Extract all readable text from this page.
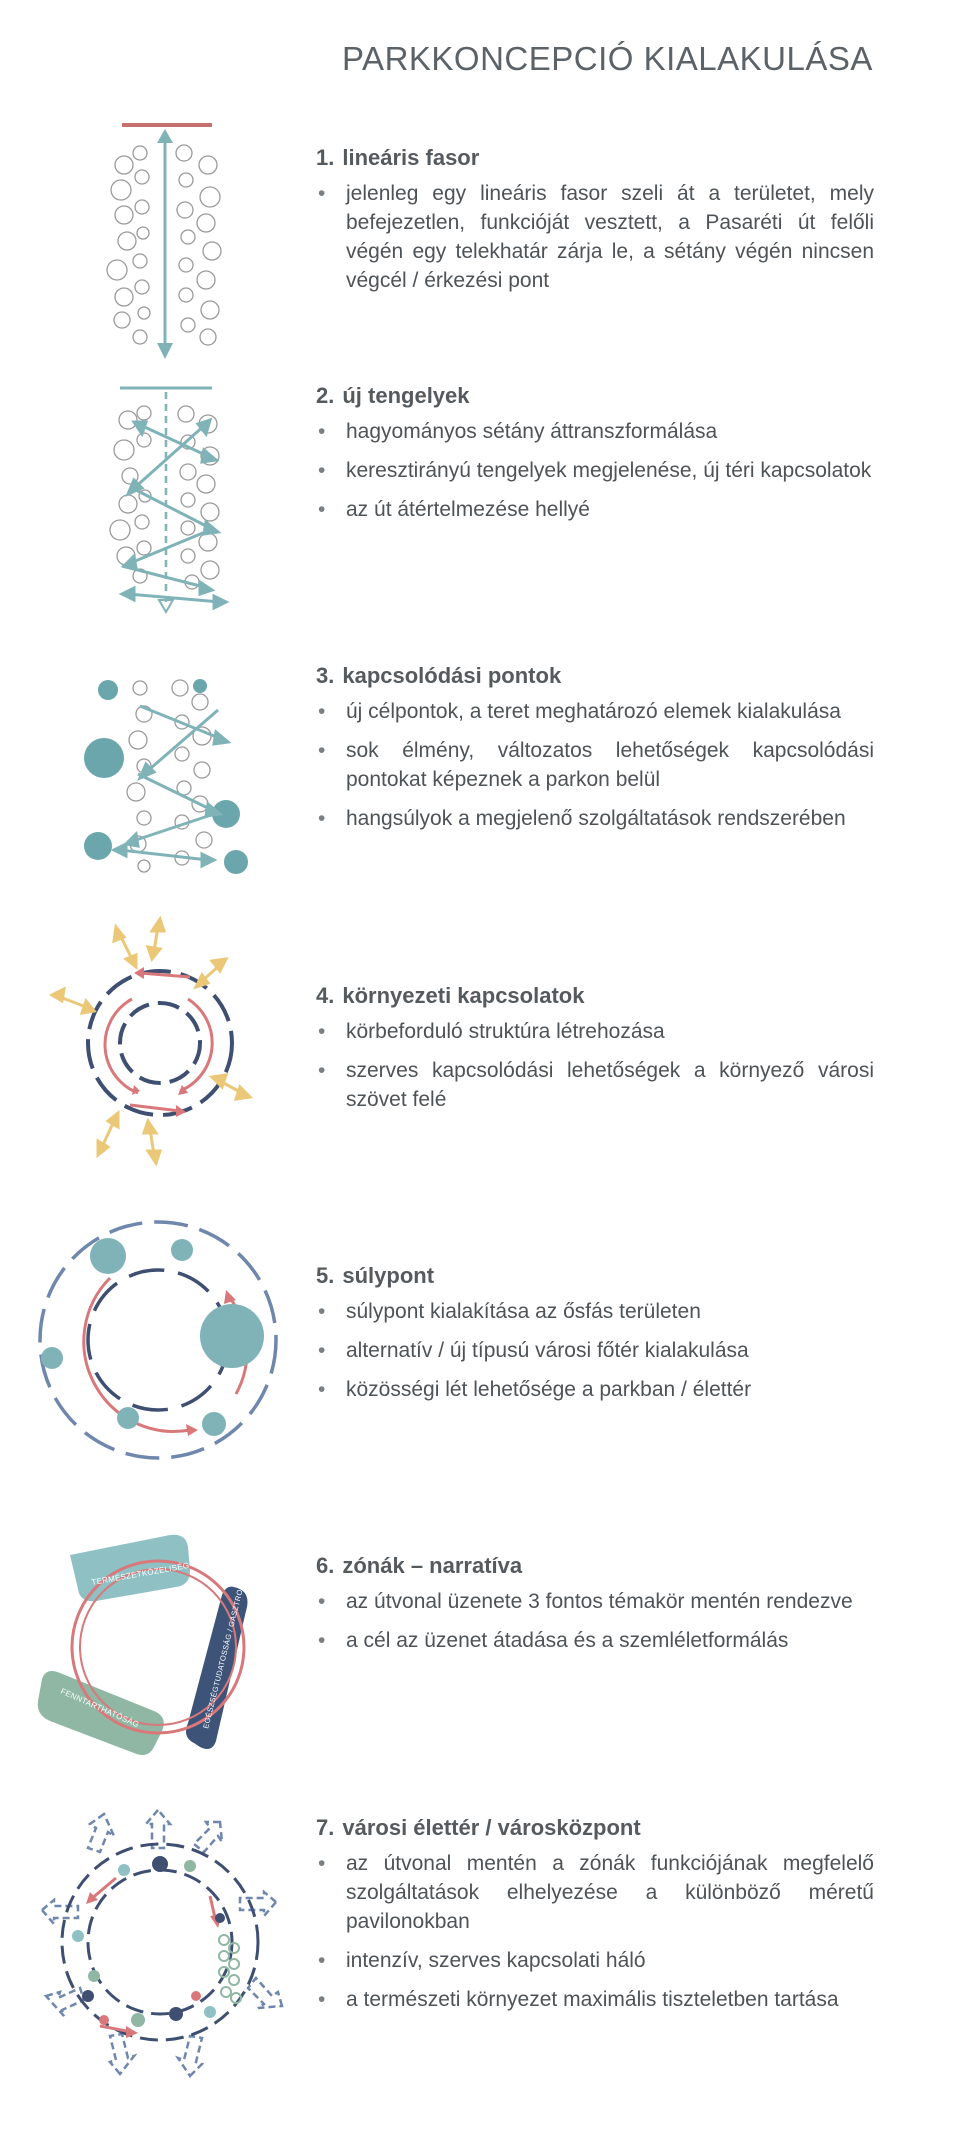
PARKKONCEPCIÓ KIALAKULÁSA
1. lineáris fasor
• jelenleg egy lineáris fasor szeli át a területet, mely befejezetlen, funkcióját vesztett, a Pasaréti út felőli végén egy telekhatár zárja le, a sétány végén nincsen végcél / érkezési pont
2. új tengelyek
• hagyományos sétány áttranszformálása
• keresztirányú tengelyek megjelenése, új téri kapcsolatok
• az út átértelmezése hellyé
3. kapcsolódási pontok
• új célpontok, a teret meghatározó elemek kialakulása
• sok élmény, változatos lehetőségek kapcsolódási pontokat képeznek a parkon belül
• hangsúlyok a megjelenő szolgáltatások rendszerében
4. környezeti kapcsolatok
• körbeforduló struktúra létrehozása
• szerves kapcsolódási lehetőségek a környező városi szövet felé
5. súlypont
• súlypont kialakítása az ősfás területen
• alternatív / új típusú városi főtér kialakulása
• közösségi lét lehetősége a parkban / élettér
TERMÉSZETKÖZELISÉG EGÉSZSÉGTUDATOSSÁG / GASZTRONÓMIA
FENNTARTHATÓSÁG
6. zónák – narratíva
• az útvonal üzenete 3 fontos témakör mentén rendezve
• a cél az üzenet átadása és a szemléletformálás
7. városi élettér / városközpont
• az útvonal mentén a zónák funkciójának megfelelő szolgáltatások elhelyezése a különböző méretű pavilonokban
• intenzív, szerves kapcsolati háló
• a természeti környezet maximális tiszteletben tartása
